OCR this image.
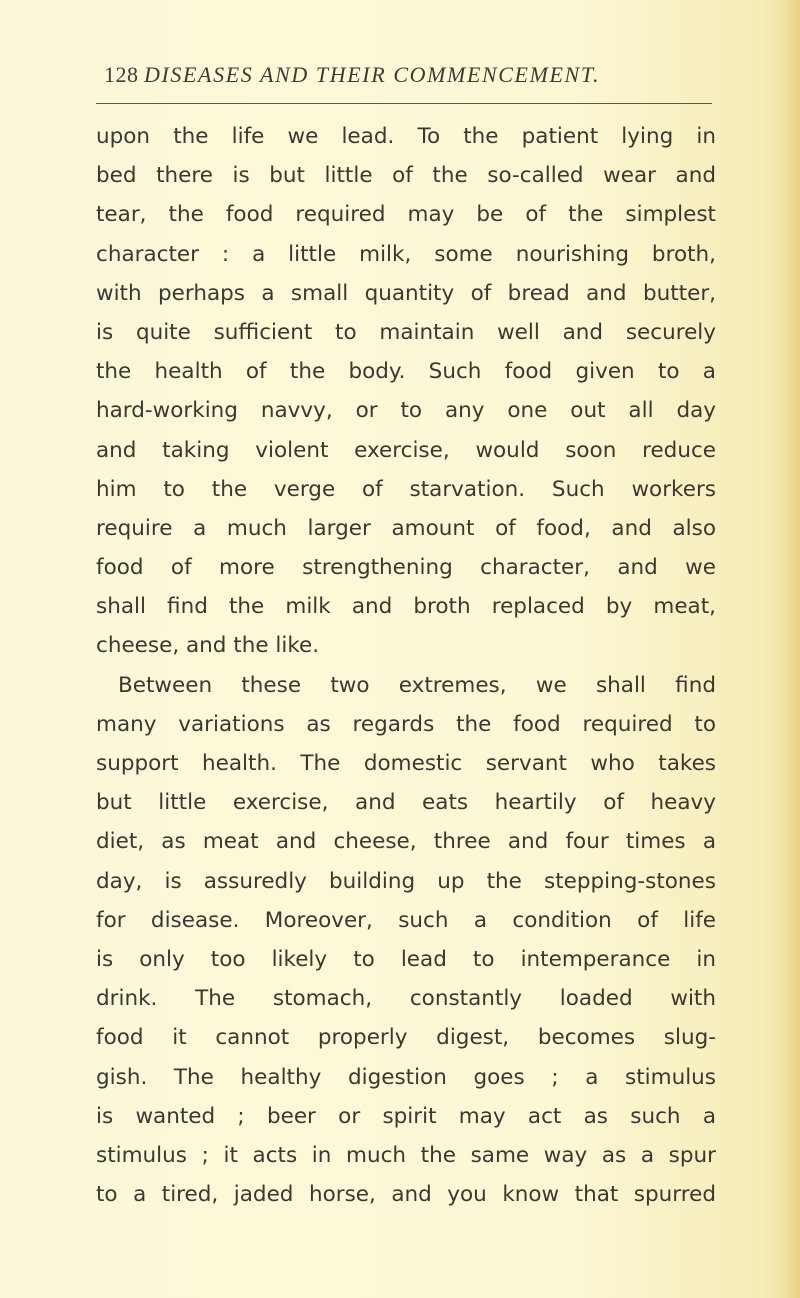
128 DISEASES AND THEIR COMMENCEMENT.
upon the life we lead. To the patient lying in
bed there is but little of the so-called wear and
tear, the food required may be of the simplest
character : a little milk, some nourishing broth,
with perhaps a small quantity of bread and butter,
is quite sufficient to maintain well and securely
the health of the body. Such food given to a
hard-working navvy, or to any one out all day
and taking violent exercise, would soon reduce
him to the verge of starvation. Such workers
require a much larger amount of food, and also
food of more strengthening character, and we
shall find the milk and broth replaced by meat,
cheese, and the like.
Between these two extremes, we shall find
many variations as regards the food required to
support health. The domestic servant who takes
but little exercise, and eats heartily of heavy
diet, as meat and cheese, three and four times a
day, is assuredly building up the stepping-stones
for disease. Moreover, such a condition of life
is only too likely to lead to intemperance in
drink. The stomach, constantly loaded with
food it cannot properly digest, becomes slug-
gish. The healthy digestion goes ; a stimulus
is wanted ; beer or spirit may act as such a
stimulus ; it acts in much the same way as a spur
to a tired, jaded horse, and you know that spurred
